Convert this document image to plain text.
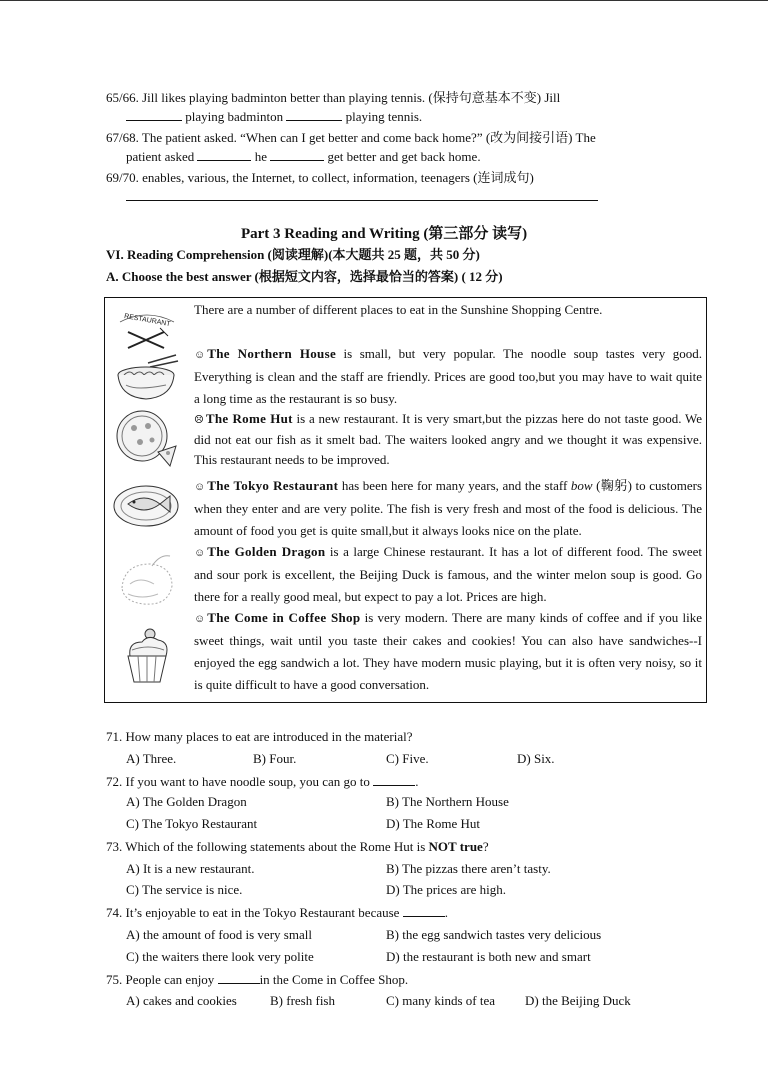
65/66. Jill likes playing badminton better than playing tennis. (保持句意基本不变) Jill
playing badminton	playing tennis.
67/68. The patient asked. “When can I get better and come back home?” (改为间接引语) The
patient asked	he	get better and get back home.
69/70. enables, various, the Internet, to collect, information, teenagers (连词成句)
Part 3 Reading and Writing (第三部分 读写)
VI. Reading Comprehension (阅读理解)(本大题共 25 题，共 50 分)
A. Choose the best answer (根据短文内容，选择最恰当的答案) ( 12 分)
RESTAURANT

There are a number of different places to eat in the Sunshine Shopping Centre.

☺ The Northern House is small, but very popular. The noodle soup tastes very good. Everything is clean and the staff are friendly. Prices are good too,but you may have to wait quite a long time as the restaurant is so busy.

☹ The Rome Hut is a new restaurant. It is very smart,but the pizzas here do not taste good. We did not eat our fish as it smelt bad. The waiters looked angry and we thought it was expensive. This restaurant needs to be improved.

☺ The Tokyo Restaurant has been here for many years, and the staff bow (鞠躬) to customers when they enter and are very polite. The fish is very fresh and most of the food is delicious. The amount of food you get is quite small,but it always looks nice on the plate.

☺ The Golden Dragon is a large Chinese restaurant. It has a lot of different food. The sweet and sour pork is excellent, the Beijing Duck is famous, and the winter melon soup is good. Go there for a really good meal, but expect to pay a lot. Prices are high.

☺ The Come in Coffee Shop is very modern. There are many kinds of coffee and if you like sweet things, wait until you taste their cakes and cookies! You can also have sandwiches--I enjoyed the egg sandwich a lot. They have modern music playing, but it is often very noisy, so it is quite difficult to have a good conversation.

71. How many places to eat are introduced in the material?
A) Three.	B) Four.	C) Five.	D) Six.
72. If you want to have noodle soup, you can go to	.
A) The Golden Dragon	B) The Northern House
C) The Tokyo Restaurant	D) The Rome Hut
73. Which of the following statements about the Rome Hut is NOT true?
A) It is a new restaurant.	B) The pizzas there aren’t tasty.
C) The service is nice.	D) The prices are high.
74. It’s enjoyable to eat in the Tokyo Restaurant because	.
A) the amount of food is very small	B) the egg sandwich tastes very delicious
C) the waiters there look very polite	D) the restaurant is both new and smart
75. People can enjoy	in the Come in Coffee Shop.
A) cakes and cookies	B) fresh fish	C) many kinds of tea D) the Beijing Duck
